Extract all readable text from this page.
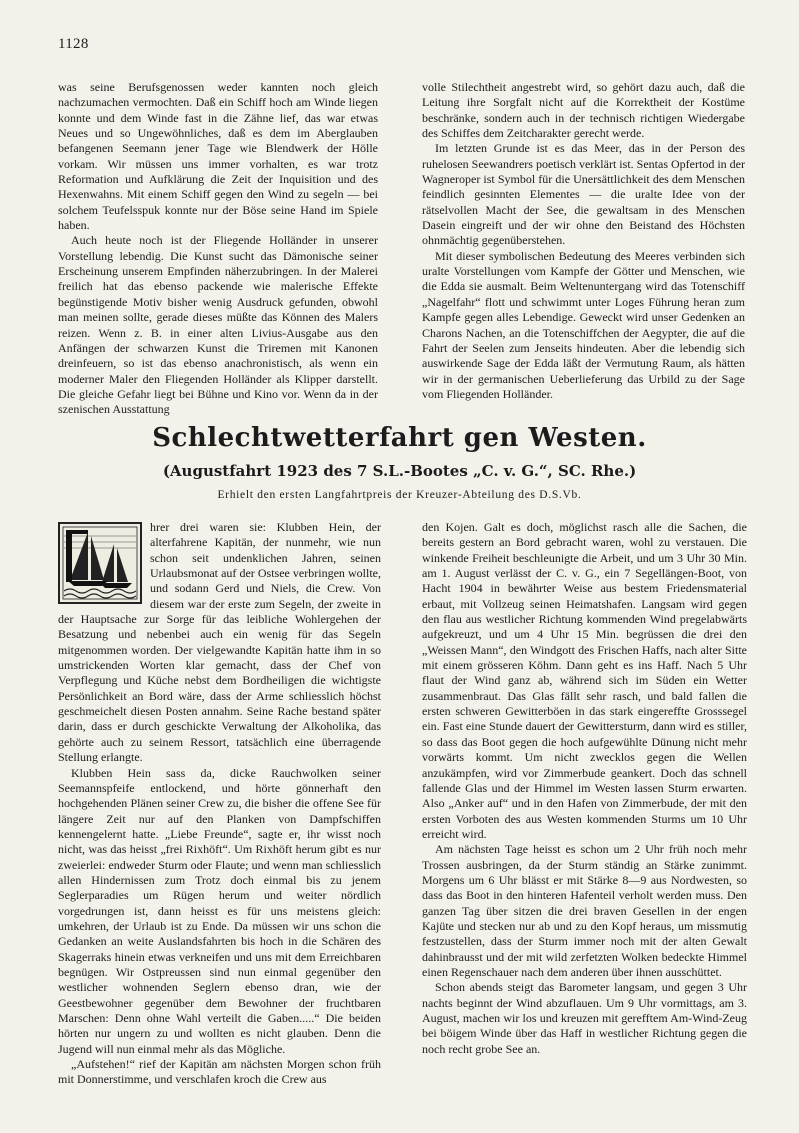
1128

was seine Berufsgenossen weder kannten noch gleich nachzumachen vermochten. Daß ein Schiff hoch am Winde liegen konnte und dem Winde fast in die Zähne lief, das war etwas Neues und so Ungewöhnliches, daß es dem im Aberglauben befangenen Seemann jener Tage wie Blendwerk der Hölle vorkam. Wir müssen uns immer vorhalten, es war trotz Reformation und Aufklärung die Zeit der Inquisition und des Hexenwahns. Mit einem Schiff gegen den Wind zu segeln — bei solchem Teufelsspuk konnte nur der Böse seine Hand im Spiele haben.

Auch heute noch ist der Fliegende Holländer in unserer Vorstellung lebendig. Die Kunst sucht das Dämonische seiner Erscheinung unserem Empfinden näherzubringen. In der Malerei freilich hat das ebenso packende wie malerische Effekte begünstigende Motiv bisher wenig Ausdruck gefunden, obwohl man meinen sollte, gerade dieses müßte das Können des Malers reizen. Wenn z. B. in einer alten Livius-Ausgabe aus den Anfängen der schwarzen Kunst die Triremen mit Kanonen dreinfeuern, so ist das ebenso anachronistisch, als wenn ein moderner Maler den Fliegenden Holländer als Klipper darstellt. Die gleiche Gefahr liegt bei Bühne und Kino vor. Wenn da in der szenischen Ausstattung

volle Stilechtheit angestrebt wird, so gehört dazu auch, daß die Leitung ihre Sorgfalt nicht auf die Korrektheit der Kostüme beschränke, sondern auch in der technisch richtigen Wiedergabe des Schiffes dem Zeitcharakter gerecht werde.

Im letzten Grunde ist es das Meer, das in der Person des ruhelosen Seewandrers poetisch verklärt ist. Sentas Opfertod in der Wagneroper ist Symbol für die Unersättlichkeit des dem Menschen feindlich gesinnten Elementes — die uralte Idee von der rätselvollen Macht der See, die gewaltsam in des Menschen Dasein eingreift und der wir ohne den Beistand des Höchsten ohnmächtig gegenüberstehen.

Mit dieser symbolischen Bedeutung des Meeres verbinden sich uralte Vorstellungen vom Kampfe der Götter und Menschen, wie die Edda sie ausmalt. Beim Weltenuntergang wird das Totenschiff „Nagelfahr“ flott und schwimmt unter Loges Führung heran zum Kampfe gegen alles Lebendige. Geweckt wird unser Gedenken an Charons Nachen, an die Totenschiffchen der Aegypter, die auf die Fahrt der Seelen zum Jenseits hindeuten. Aber die lebendig sich auswirkende Sage der Edda läßt der Vermutung Raum, als hätten wir in der germanischen Ueberlieferung das Urbild zu der Sage vom Fliegenden Holländer.

Schlechtwetterfahrt gen Westen.
(Augustfahrt 1923 des 7 S.L.-Bootes „C. v. G.“, SC. Rhe.)
Erhielt den ersten Langfahrtpreis der Kreuzer-Abteilung des D.S.Vb.

hrer drei waren sie: Klubben Hein, der alterfahrene Kapitän, der nunmehr, wie nun schon seit undenklichen Jahren, seinen Urlaubsmonat auf der Ostsee verbringen wollte, und sodann Gerd und Niels, die Crew. Von diesem war der erste zum Segeln, der zweite in der Hauptsache zur Sorge für das leibliche Wohlergehen der Besatzung und nebenbei auch ein wenig für das Segeln mitgenommen worden. Der vielgewandte Kapitän hatte ihm in so umstrickenden Worten klar gemacht, dass der Chef von Verpflegung und Küche nebst dem Bordheiligen die wichtigste Persönlichkeit an Bord wäre, dass der Arme schliesslich höchst geschmeichelt diesen Posten annahm. Seine Rache bestand später darin, dass er durch geschickte Verwaltung der Alkoholika, das gehörte auch zu seinem Ressort, tatsächlich eine überragende Stellung erlangte.

Klubben Hein sass da, dicke Rauchwolken seiner Seemannspfeife entlockend, und hörte gönnerhaft den hochgehenden Plänen seiner Crew zu, die bisher die offene See für längere Zeit nur auf den Planken von Dampfschiffen kennengelernt hatte. „Liebe Freunde“, sagte er, ihr wisst noch nicht, was das heisst „frei Rixhöft“. Um Rixhöft herum gibt es nur zweierlei: endweder Sturm oder Flaute; und wenn man schliesslich allen Hindernissen zum Trotz doch einmal bis zu jenem Seglerparadies um Rügen herum und weiter nördlich vorgedrungen ist, dann heisst es für uns meistens gleich: umkehren, der Urlaub ist zu Ende. Da müssen wir uns schon die Gedanken an weite Auslandsfahrten bis hoch in die Schären des Skagerraks hinein etwas verkneifen und uns mit dem Erreichbaren begnügen. Wir Ostpreussen sind nun einmal gegenüber den westlicher wohnenden Seglern ebenso dran, wie der Geestbewohner gegenüber dem Bewohner der fruchtbaren Marschen: Denn ohne Wahl verteilt die Gaben.....“ Die beiden hörten nur ungern zu und wollten es nicht glauben. Denn die Jugend will nun einmal mehr als das Mögliche.

„Aufstehen!“ rief der Kapitän am nächsten Morgen schon früh mit Donnerstimme, und verschlafen kroch die Crew aus

den Kojen. Galt es doch, möglichst rasch alle die Sachen, die bereits gestern an Bord gebracht waren, wohl zu verstauen. Die winkende Freiheit beschleunigte die Arbeit, und um 3 Uhr 30 Min. am 1. August verlässt der C. v. G., ein 7 Segellängen-Boot, von Hacht 1904 in bewährter Weise aus bestem Friedensmaterial erbaut, mit Vollzeug seinen Heimatshafen. Langsam wird gegen den flau aus westlicher Richtung kommenden Wind pregelabwärts aufgekreuzt, und um 4 Uhr 15 Min. begrüssen die drei den „Weissen Mann“, den Windgott des Frischen Haffs, nach alter Sitte mit einem grösseren Köhm. Dann geht es ins Haff. Nach 5 Uhr flaut der Wind ganz ab, während sich im Süden ein Wetter zusammenbraut. Das Glas fällt sehr rasch, und bald fallen die ersten schweren Gewitterböen in das stark eingereffte Grosssegel ein. Fast eine Stunde dauert der Gewittersturm, dann wird es stiller, so dass das Boot gegen die hoch aufgewühlte Dünung nicht mehr vorwärts kommt. Um nicht zwecklos gegen die Wellen anzukämpfen, wird vor Zimmerbude geankert. Doch das schnell fallende Glas und der Himmel im Westen lassen Sturm erwarten. Also „Anker auf“ und in den Hafen von Zimmerbude, der mit den ersten Vorboten des aus Westen kommenden Sturms um 10 Uhr erreicht wird.

Am nächsten Tage heisst es schon um 2 Uhr früh noch mehr Trossen ausbringen, da der Sturm ständig an Stärke zunimmt. Morgens um 6 Uhr blässt er mit Stärke 8—9 aus Nordwesten, so dass das Boot in den hinteren Hafenteil verholt werden muss. Den ganzen Tag über sitzen die drei braven Gesellen in der engen Kajüte und stecken nur ab und zu den Kopf heraus, um missmutig festzustellen, dass der Sturm immer noch mit der alten Gewalt dahinbrausst und der mit wild zerfetzten Wolken bedeckte Himmel einen Regenschauer nach dem anderen über ihnen ausschüttet.

Schon abends steigt das Barometer langsam, und gegen 3 Uhr nachts beginnt der Wind abzuflauen. Um 9 Uhr vormittags, am 3. August, machen wir los und kreuzen mit gerefftem Am-Wind-Zeug bei böigem Winde über das Haff in westlicher Richtung gegen die noch recht grobe See an.
